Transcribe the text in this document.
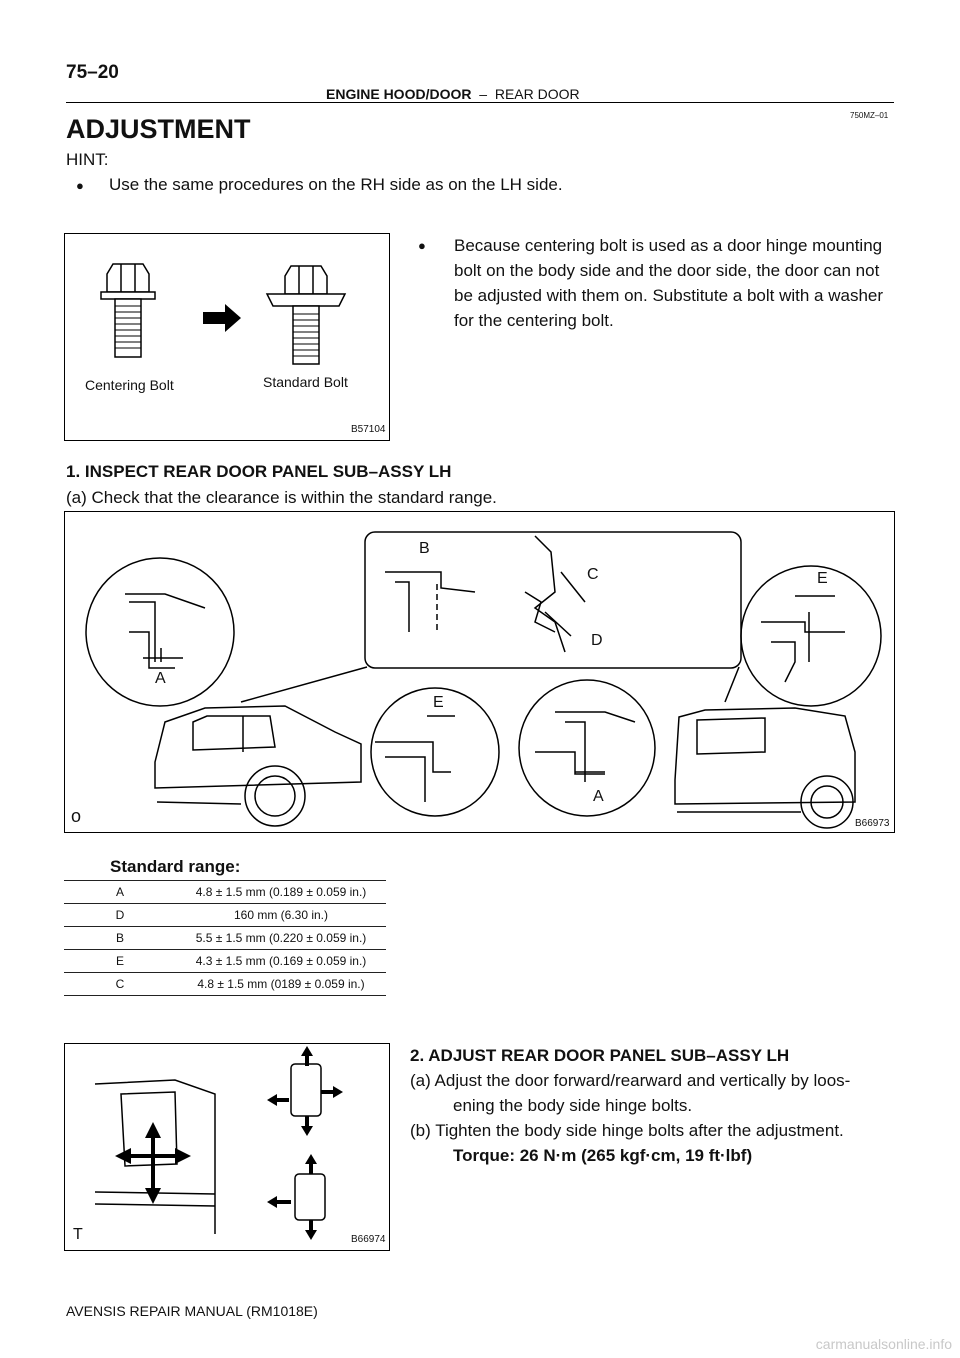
75–20
ENGINE HOOD/DOOR – REAR DOOR
750MZ–01
ADJUSTMENT
HINT:
● Use the same procedures on the RH side as on the LH side.
Centering Bolt	Standard Bolt
B57104
● Because centering bolt is used as a door hinge mounting
bolt on the body side and the door side, the door can not
be adjusted with them on. Substitute a bolt with a washer
for the centering bolt.
1. INSPECT REAR DOOR PANEL SUB–ASSY LH
(a) Check that the clearance is within the standard range.
A
B
C
D
E
E
A
o	B66973
Standard range:
A	4.8 ± 1.5 mm (0.189 ± 0.059 in.)
D	160 mm (6.30 in.)
B	5.5 ± 1.5 mm (0.220 ± 0.059 in.)
E	4.3 ± 1.5 mm (0.169 ± 0.059 in.)
C	4.8 ± 1.5 mm (0189 ± 0.059 in.)
T	B66974
2. ADJUST REAR DOOR PANEL SUB–ASSY LH
(a) Adjust the door forward/rearward and vertically by loos-
ening the body side hinge bolts.
(b) Tighten the body side hinge bolts after the adjustment.
Torque: 26 N·m (265 kgf·cm, 19 ft·lbf)
AVENSIS REPAIR MANUAL (RM1018E)
carmanualsonline.info
